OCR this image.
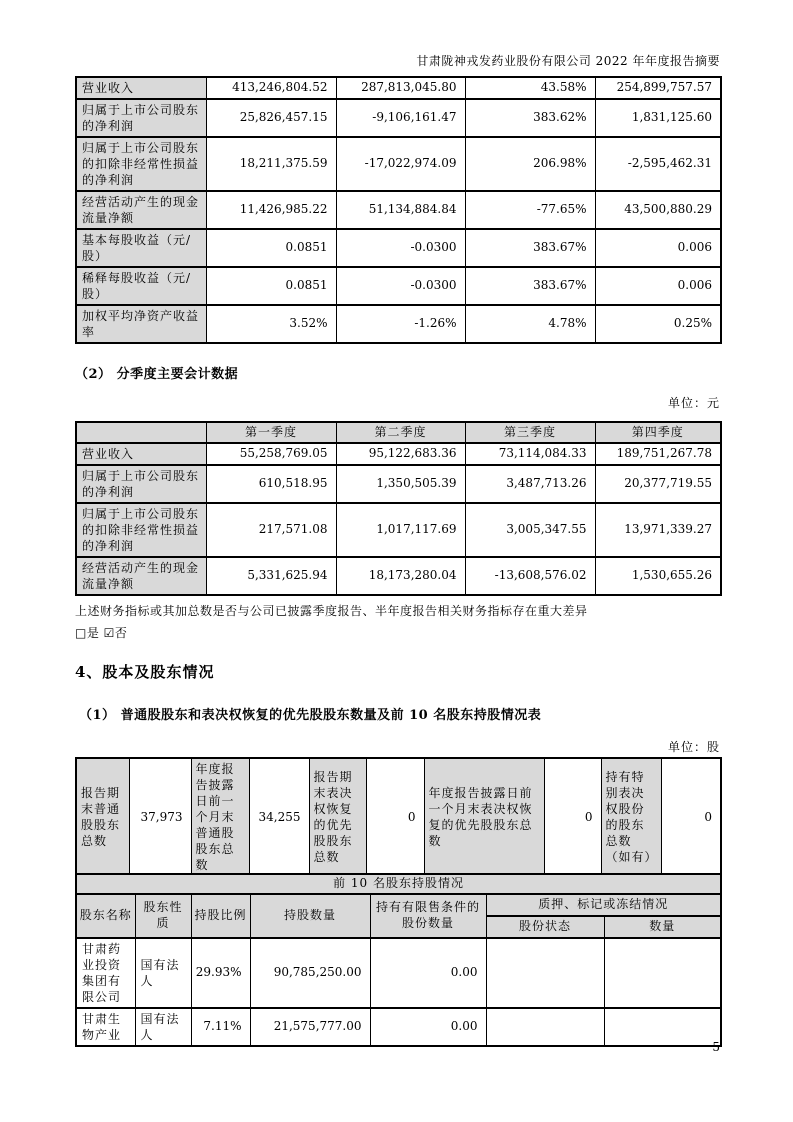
甘肃陇神戎发药业股份有限公司 2022 年年度报告摘要
营业收入	413,246,804.52	287,813,045.80	43.58%	254,899,757.57
归属于上市公司股东的净利润	25,826,457.15	-9,106,161.47	383.62%	1,831,125.60
归属于上市公司股东的扣除非经常性损益的净利润	18,211,375.59	-17,022,974.09	206.98%	-2,595,462.31
经营活动产生的现金流量净额	11,426,985.22	51,134,884.84	-77.65%	43,500,880.29
基本每股收益（元/股）	0.0851	-0.0300	383.67%	0.006
稀释每股收益（元/股）	0.0851	-0.0300	383.67%	0.006
加权平均净资产收益率	3.52%	-1.26%	4.78%	0.25%
（2） 分季度主要会计数据
单位：元
	第一季度	第二季度	第三季度	第四季度
营业收入	55,258,769.05	95,122,683.36	73,114,084.33	189,751,267.78
归属于上市公司股东的净利润	610,518.95	1,350,505.39	3,487,713.26	20,377,719.55
归属于上市公司股东的扣除非经常性损益的净利润	217,571.08	1,017,117.69	3,005,347.55	13,971,339.27
经营活动产生的现金流量净额	5,331,625.94	18,173,280.04	-13,608,576.02	1,530,655.26
上述财务指标或其加总数是否与公司已披露季度报告、半年度报告相关财务指标存在重大差异
□是 ☑否
4、股本及股东情况
（1） 普通股股东和表决权恢复的优先股股东数量及前 10 名股东持股情况表
单位：股
报告期末普通股股东总数	37,973	年度报告披露日前一个月末普通股股东总数	34,255	报告期末表决权恢复的优先股股东总数	0	年度报告披露日前一个月末表决权恢复的优先股股东总数	0	持有特别表决权股份的股东总数（如有）	0
前 10 名股东持股情况						
股东名称	股东性质	持股比例	持股数量	持有有限售条件的股份数量	质押、标记或冻结情况	
					股份状态	数量
甘肃药业投资集团有限公司	国有法人	29.93%	90,785,250.00	0.00		
甘肃生物产业	国有法人	7.11%	21,575,777.00	0.00		
5
